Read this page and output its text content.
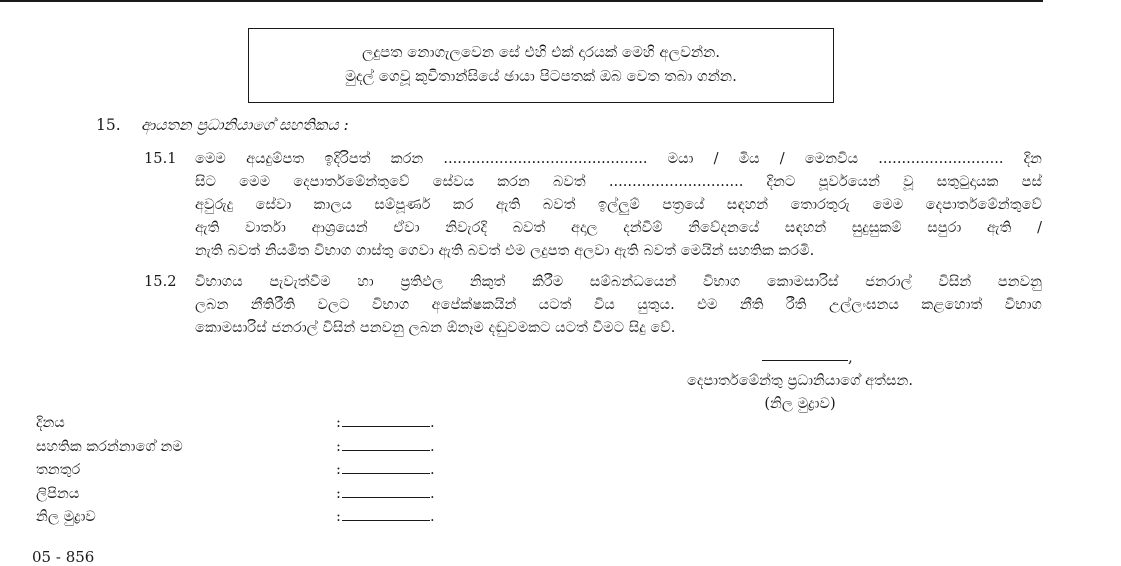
ලදුපත නොගැලවෙන සේ එහි එක් දාරයක් මෙහි අලවන්න.
මුදල් ගෙවූ කුවිතාන්සියේ ඡායා පිටපතක් ඔබ වෙත තබා ගන්න.
15. ආයතන ප්‍රධානියාගේ සහතිකය :
15.1 මෙම අයදුම්පත ඉදිරිපත් කරන ............................................ මයා / මිය / මෙනවිය ........................... දින
සිට මෙම දෙපාර්තමේන්තුවේ සේවය කරන බවත් ............................. දිනට පූර්වයෙන් වූ සතුටුදායක පස්
අවුරුදු සේවා කාලය සම්පූර්ණ කර ඇති බවත් ඉල්ලුම් පත්‍රයේ සඳහන් තොරතුරු මෙම දෙපාර්තමේන්තුවේ
ඇති වාර්තා ආශ්‍රයෙන් ඒවා නිවැරදි බවත් අදාල දන්වීම් නිවේදනයේ සඳහන් සුදුසුකම් සපුරා ඇති /
නැති බවත් නියමිත විභාග ගාස්තු ගෙවා ඇති බවත් එම ලදුපත අලවා ඇති බවත් මෙයින් සහතික කරමි.
15.2 විභාගය පැවැත්වීම හා ප්‍රතිඵල නිකුත් කිරීම සම්බන්ධයෙන් විභාග කොමසාරිස් ජනරාල් විසින් පනවනු
ලබන නීතිරීති වලට විභාග අපේක්ෂකයින් යටත් විය යුතුය. එම නීති රීති උල්ලංඝනය කළහොත් විභාග
කොමසාරිස් ජනරාල් විසින් පනවනු ලබන ඕනෑම දඬුවමකට යටත් වීමට සිදු වේ.
,
දෙපාර්තමේන්තු ප්‍රධානියාගේ අත්සන.
(නිල මුද්‍රාව)
දිනය	:	.
සහතික කරන්නාගේ නම	:	.
තනතුර	:	.
ලිපිනය	:	.
නිල මුද්‍රාව	:	.
05 - 856
